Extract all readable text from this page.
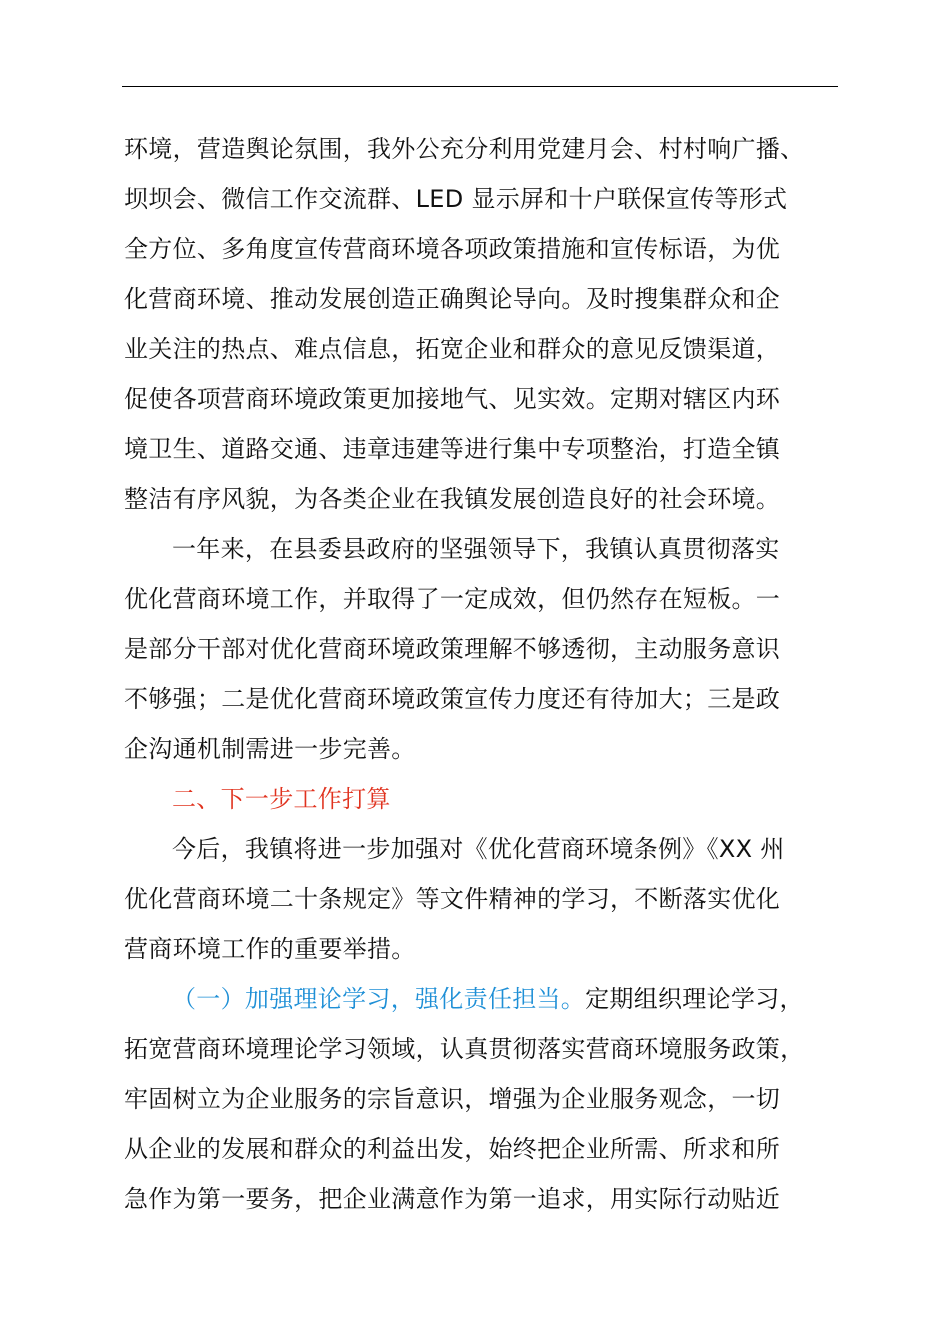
环境，营造舆论氛围，我外公充分利用党建月会、村村响广播、
坝坝会、微信工作交流群、LED 显示屏和十户联保宣传等形式
全方位、多角度宣传营商环境各项政策措施和宣传标语，为优
化营商环境、推动发展创造正确舆论导向。及时搜集群众和企
业关注的热点、难点信息，拓宽企业和群众的意见反馈渠道，
促使各项营商环境政策更加接地气、见实效。定期对辖区内环
境卫生、道路交通、违章违建等进行集中专项整治，打造全镇
整洁有序风貌，为各类企业在我镇发展创造良好的社会环境。
一年来，在县委县政府的坚强领导下，我镇认真贯彻落实
优化营商环境工作，并取得了一定成效，但仍然存在短板。一
是部分干部对优化营商环境政策理解不够透彻，主动服务意识
不够强；二是优化营商环境政策宣传力度还有待加大；三是政
企沟通机制需进一步完善。
二、下一步工作打算
今后，我镇将进一步加强对《优化营商环境条例》《XX 州
优化营商环境二十条规定》等文件精神的学习，不断落实优化
营商环境工作的重要举措。
（一）加强理论学习，强化责任担当。定期组织理论学习，
拓宽营商环境理论学习领域，认真贯彻落实营商环境服务政策，
牢固树立为企业服务的宗旨意识，增强为企业服务观念，一切
从企业的发展和群众的利益出发，始终把企业所需、所求和所
急作为第一要务，把企业满意作为第一追求，用实际行动贴近
